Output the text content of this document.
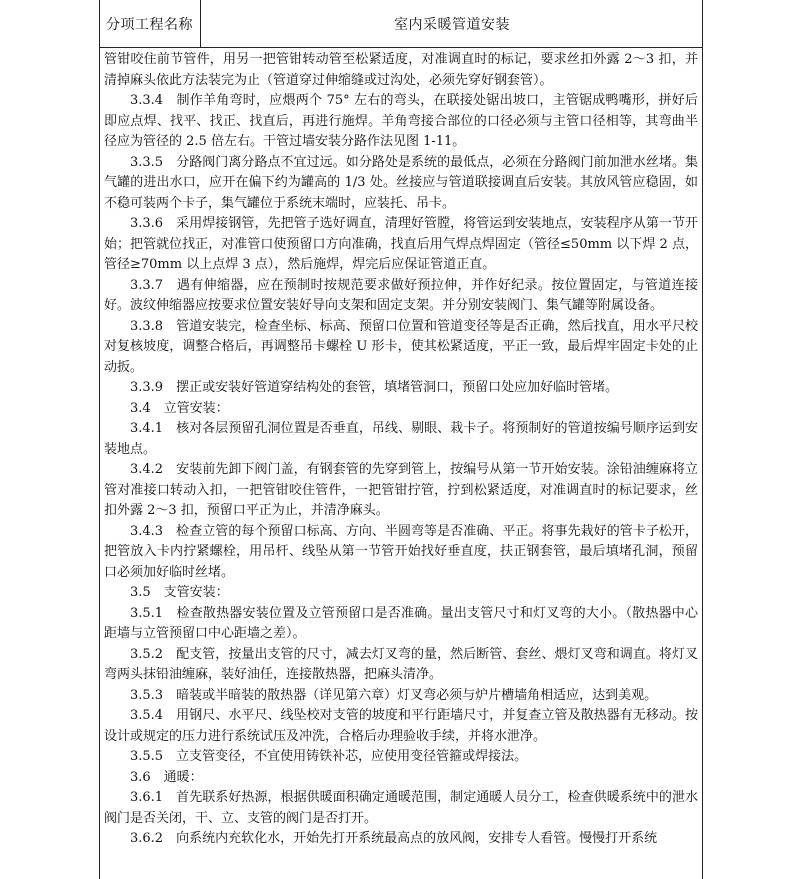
分项工程名称	室内采暖管道安装

管钳咬住前节管件，用另一把管钳转动管至松紧适度，对准调直时的标记，要求丝扣外露 2～3 扣，并清掉麻头依此方法装完为止（管道穿过伸缩缝或过沟处，必须先穿好钢套管）。

3.3.4　制作羊角弯时，应煨两个 75° 左右的弯头，在联接处锯出坡口，主管锯成鸭嘴形，拼好后即应点焊、找平、找正、找直后，再进行施焊。羊角弯接合部位的口径必须与主管口径相等，其弯曲半径应为管径的 2.5 倍左右。干管过墙安装分路作法见图 1-11。

3.3.5　分路阀门离分路点不宜过远。如分路处是系统的最低点，必须在分路阀门前加泄水丝堵。集气罐的进出水口，应开在偏下约为罐高的 1/3 处。丝接应与管道联接调直后安装。其放风管应稳固，如不稳可装两个卡子，集气罐位于系统末端时，应装托、吊卡。

3.3.6　采用焊接钢管，先把管子选好调直，清理好管膛，将管运到安装地点，安装程序从第一节开始；把管就位找正，对准管口使预留口方向准确，找直后用气焊点焊固定（管径≤50mm 以下焊 2 点，管径≥70mm 以上点焊 3 点），然后施焊，焊完后应保证管道正直。

3.3.7　遇有伸缩器，应在预制时按规范要求做好预拉伸，并作好纪录。按位置固定，与管道连接好。波纹伸缩器应按要求位置安装好导向支架和固定支架。并分别安装阀门、集气罐等附属设备。

3.3.8　管道安装完，检查坐标、标高、预留口位置和管道变径等是否正确，然后找直，用水平尺校对复核坡度，调整合格后，再调整吊卡螺栓 U 形卡，使其松紧适度，平正一致，最后焊牢固定卡处的止动扳。

3.3.9　摆正或安装好管道穿结构处的套管，填堵管洞口，预留口处应加好临时管堵。

3.4　立管安装：

3.4.1　核对各层预留孔洞位置是否垂直，吊线、剔眼、栽卡子。将预制好的管道按编号顺序运到安装地点。

3.4.2　安装前先卸下阀门盖，有钢套管的先穿到管上，按编号从第一节开始安装。涂铅油缠麻将立管对准接口转动入扣，一把管钳咬住管件，一把管钳拧管，拧到松紧适度，对准调直时的标记要求，丝扣外露 2～3 扣，预留口平正为止，并清净麻头。

3.4.3　检查立管的每个预留口标高、方向、半圆弯等是否准确、平正。将事先栽好的管卡子松开，把管放入卡内拧紧螺栓，用吊杆、线坠从第一节管开始找好垂直度，扶正钢套管，最后填堵孔洞，预留口必须加好临时丝堵。

3.5　支管安装：

3.5.1　检查散热器安装位置及立管预留口是否准确。量出支管尺寸和灯叉弯的大小。（散热器中心距墙与立管预留口中心距墙之差）。

3.5.2　配支管，按量出支管的尺寸，减去灯叉弯的量，然后断管、套丝、煨灯叉弯和调直。将灯叉弯两头抹铅油缠麻，装好油任，连接散热器，把麻头清净。

3.5.3　暗装或半暗装的散热器（详见第六章）灯叉弯必须与炉片槽墙角相适应，达到美观。

3.5.4　用钢尺、水平尺、线坠校对支管的坡度和平行距墙尺寸，并复查立管及散热器有无移动。按设计或规定的压力进行系统试压及冲洗，合格后办理验收手续，并将水泄净。

3.5.5　立支管变径，不宜使用铸铁补芯，应使用变径管箍或焊接法。

3.6　通暖：

3.6.1　首先联系好热源，根据供暖面积确定通暖范围，制定通暖人员分工，检查供暖系统中的泄水阀门是否关闭，干、立、支管的阀门是否打开。

3.6.2　向系统内充软化水，开始先打开系统最高点的放风阀，安排专人看管。慢慢打开系统
